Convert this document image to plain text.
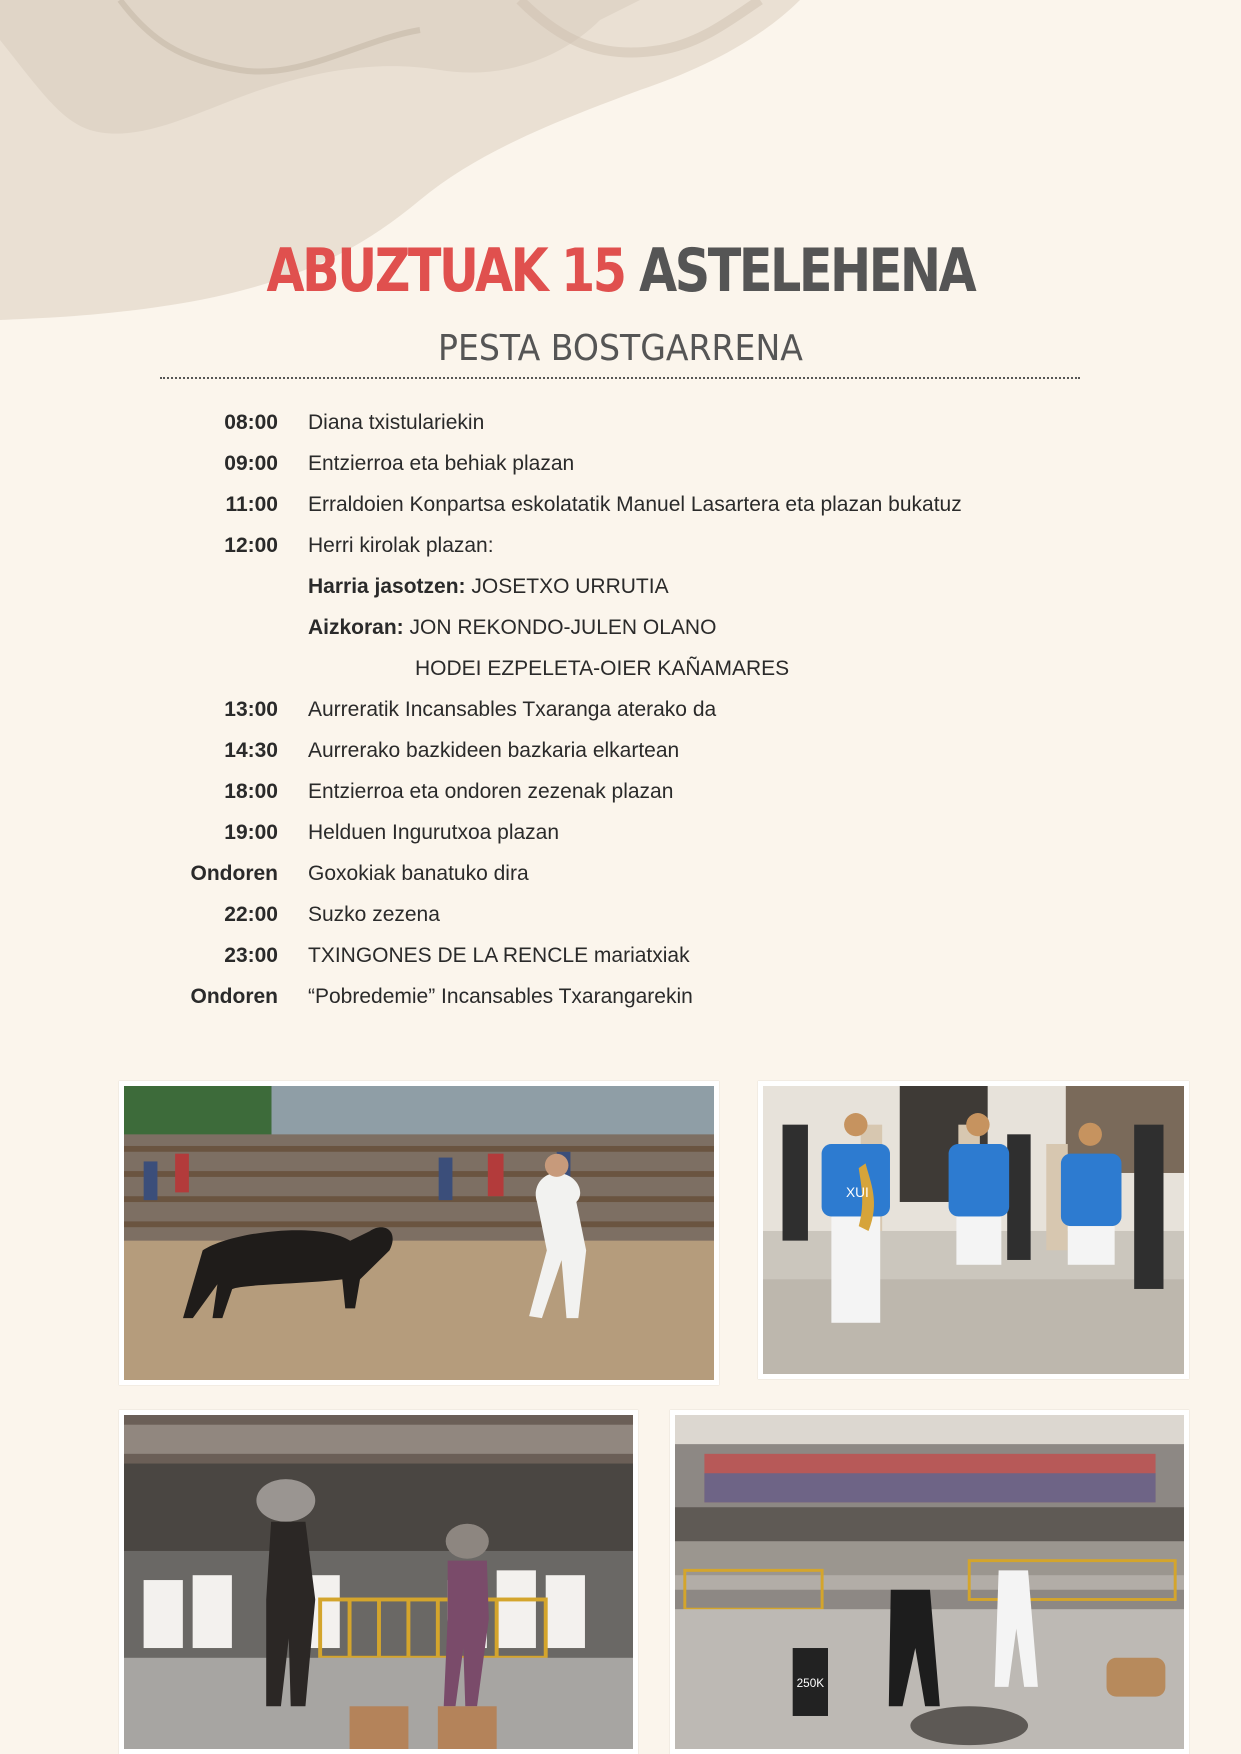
ABUZTUAK 15 ASTELEHENA
PESTA BOSTGARRENA
08:00 Diana txistulariekin
09:00 Entzierroa eta behiak plazan
11:00 Erraldoien Konpartsa eskolatatik Manuel Lasartera eta plazan bukatuz
12:00 Herri kirolak plazan:
Harria jasotzen: JOSETXO URRUTIA
Aizkoran: JON REKONDO-JULEN OLANO
HODEI EZPELETA-OIER KAÑAMARES
13:00 Aurreratik Incansables Txaranga aterako da
14:30 Aurrerako bazkideen bazkaria elkartean
18:00 Entzierroa eta ondoren zezenak plazan
19:00 Helduen Ingurutxoa plazan
Ondoren Goxokiak banatuko dira
22:00 Suzko zezena
23:00 TXINGONES DE LA RENCLE mariatxiak
Ondoren “Pobredemie” Incansables Txarangarekin
XUI
250K
